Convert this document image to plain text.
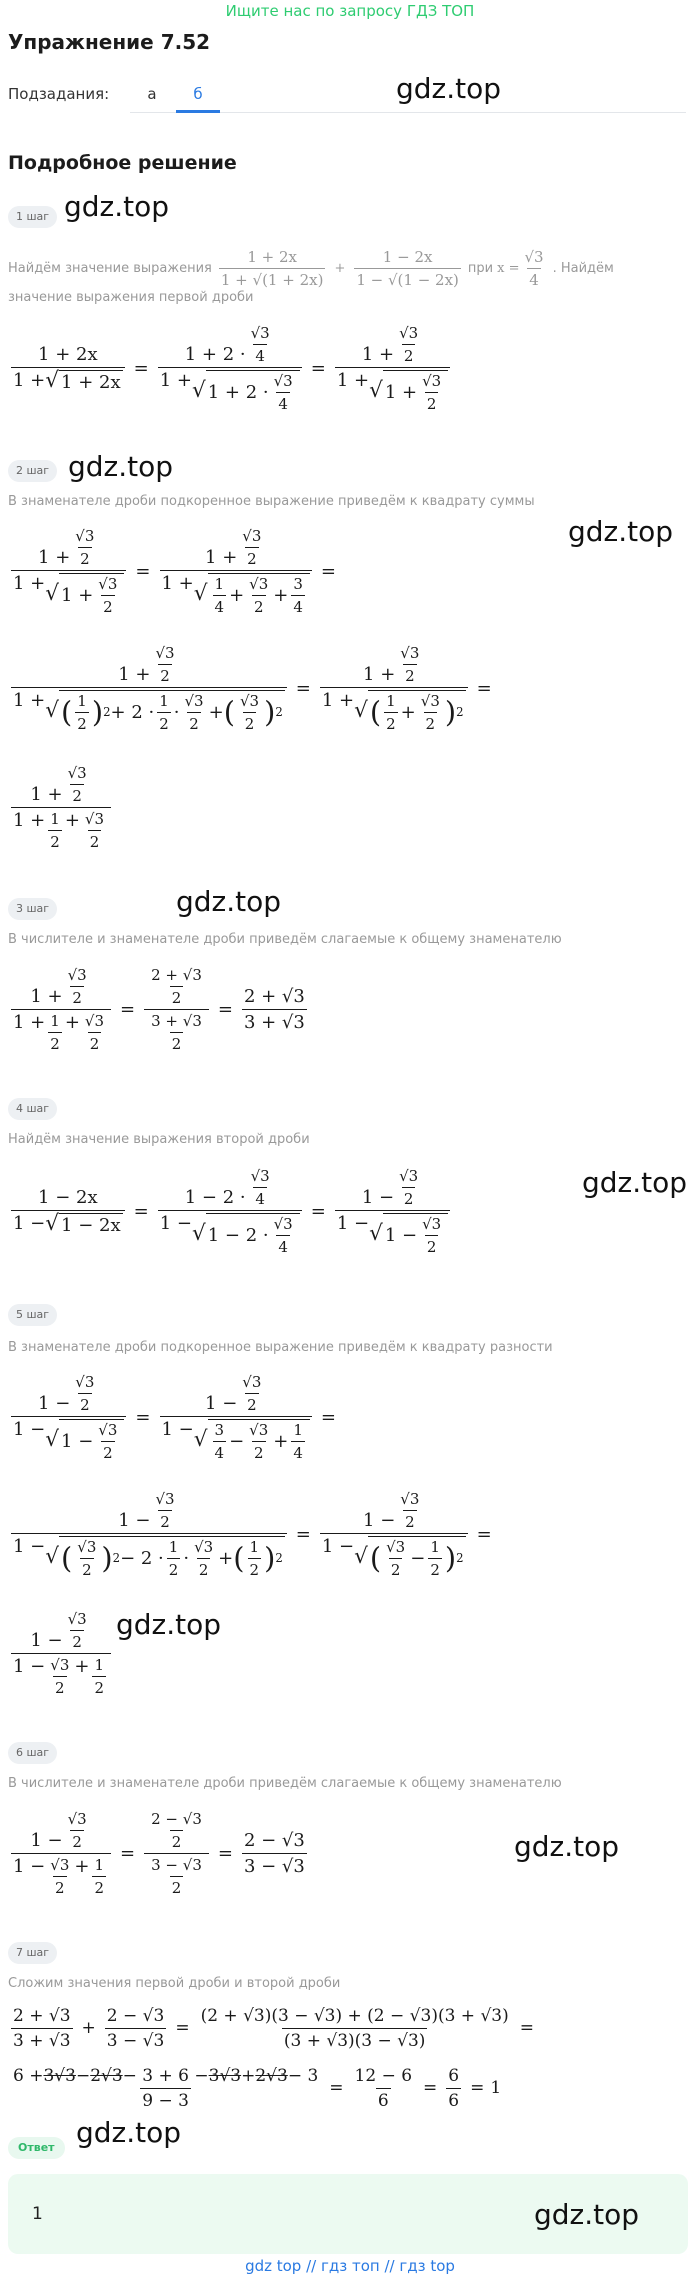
Ищите нас по запросу ГДЗ ТОП
Упражнение 7.52
Подзадания:	а	б	gdz.top
Подробное решение
1 шаг gdz.top
Найдём значение выражения $\frac{1 + 2x}{1 + √(1 + 2x)} + \frac{1 - 2x}{1 - √(1 - 2x)}$ при $x = \frac{√3}{4}$ . Найдём
значение выражения первой дроби
$\frac{1 + 2x}{1 + √ 1 + 2x} = \frac{1 + 2 \cdot \frac{√3}{4}}{1 + √ 1 + 2 \cdot \frac{√3}{4}} = \frac{1 + \frac{√3}{2}}{1 + √ 1 + \frac{√3}{2}}$
2 шаг gdz.top
В знаменателе дроби подкоренное выражение приведём к квадрату суммы
gdz.top
$\frac{1 + \frac{√3}{2}}{1 + √ 1 + \frac{√3}{2}} = \frac{1 + \frac{√3}{2}}{1 + √ \frac{1}{4} + \frac{√3}{2} + \frac{3}{4}}$ =
$\frac{1 + \frac{√3}{2}}{1 + √ ( \frac{1}{2} ) 2 + 2 \cdot \frac{1}{2} \cdot \frac{√3}{2} + ( \frac{√3}{2} ) 2} = \frac{1 + \frac{√3}{2}}{1 + √ ( \frac{1}{2} + \frac{√3}{2} ) 2}$ =
$\frac{1 + \frac{√3}{2}}{1 + \frac{1}{2} + \frac{√3}{2}}$
3 шаг	gdz.top
В числителе и знаменателе дроби приведём слагаемые к общему знаменателю
$\frac{1 + \frac{√3}{2}}{1 + \frac{1}{2} + \frac{√3}{2}} = \frac{\frac{2 + √3}{2}}{\frac{3 + √3}{2}} = \frac{2 + √3}{3 + √3}$
4 шаг
Найдём значение выражения второй дроби
gdz.top
$\frac{1 - 2x}{1 - √ 1 - 2x} = \frac{1 - 2 \cdot \frac{√3}{4}}{1 - √ 1 - 2 \cdot \frac{√3}{4}} = \frac{1 - \frac{√3}{2}}{1 - √ 1 - \frac{√3}{2}}$
5 шаг
В знаменателе дроби подкоренное выражение приведём к квадрату разности
$\frac{1 - \frac{√3}{2}}{1 - √ 1 - \frac{√3}{2}} = \frac{1 - \frac{√3}{2}}{1 - √ \frac{3}{4} - \frac{√3}{2} + \frac{1}{4}}$ =
$\frac{1 - \frac{√3}{2}}{1 - √ ( \frac{√3}{2} ) 2 - 2 \cdot \frac{1}{2} \cdot \frac{√3}{2} + ( \frac{1}{2} ) 2} = \frac{1 - \frac{√3}{2}}{1 - √ ( \frac{√3}{2} - \frac{1}{2} ) 2}$ =
$\frac{1 - \frac{√3}{2}}{1 - \frac{√3}{2} + \frac{1}{2}} gdz.top$
6 шаг
В числителе и знаменателе дроби приведём слагаемые к общему знаменателю
$\frac{1 - \frac{√3}{2}}{1 - \frac{√3}{2} + \frac{1}{2}} = \frac{\frac{2 - √3}{2}}{\frac{3 - √3}{2}} = \frac{2 - √3}{3 - √3}$	gdz.top
7 шаг
Сложим значения первой дроби и второй дроби
$\frac{2 + √3}{3 + √3} + \frac{2 - √3}{3 - √3} = \frac{(2 + √3)(3 - √3) + (2 - √3)(3 + √3)}{(3 + √3)(3 - √3)}$ =
$\frac{6 + 3√3 - 2√3 - 3 + 6 - 3√3 + 2√3 - 3}{9 - 3} = \frac{12 - 6}{6} = \frac{6}{6} = 1$
gdz.top
Ответ
1	gdz.top
gdz top // гдз топ // гдз top
